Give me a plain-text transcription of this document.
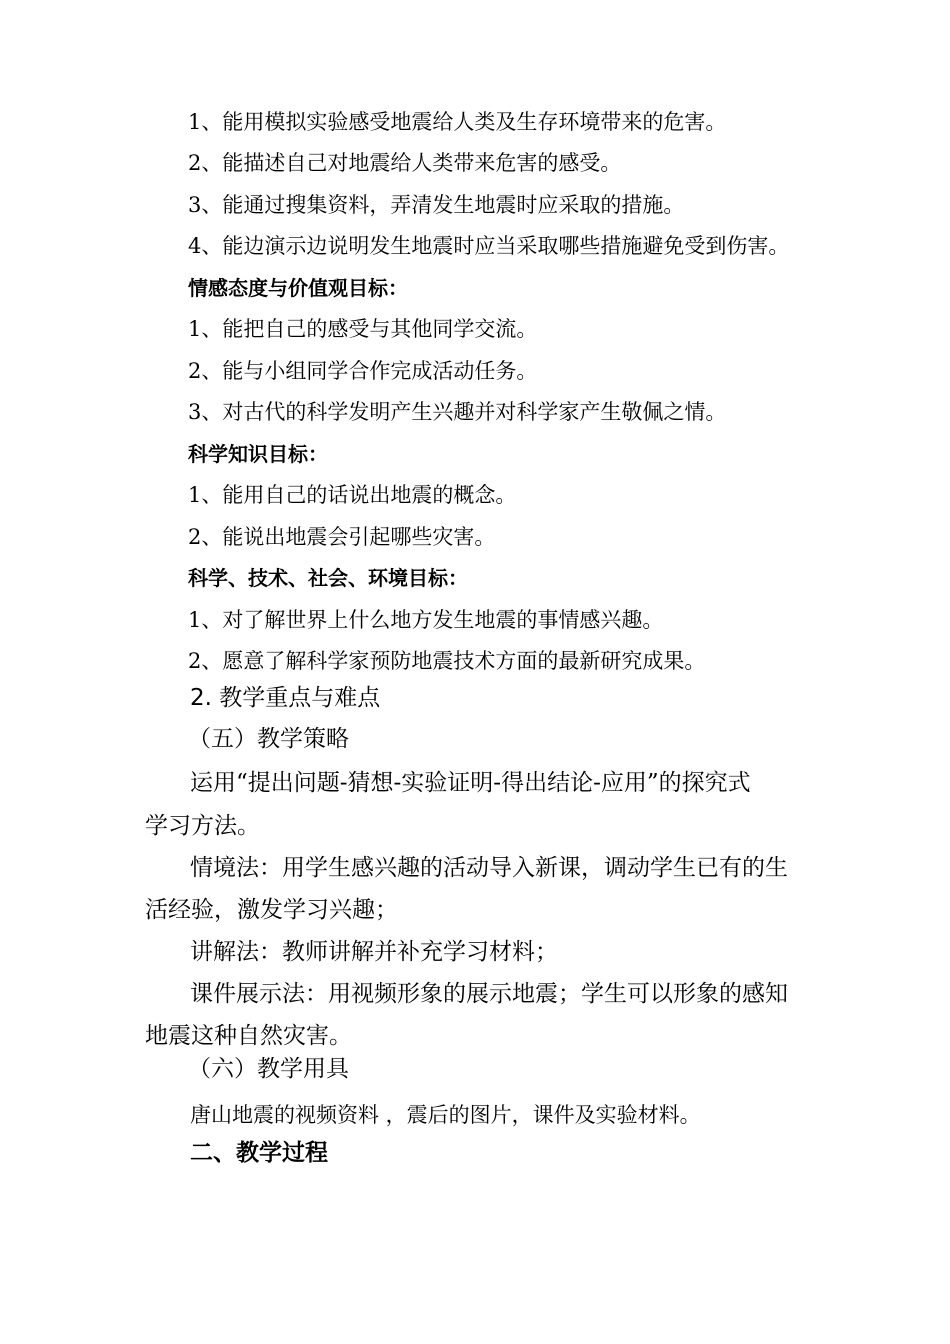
1、能用模拟实验感受地震给人类及生存环境带来的危害。
2、能描述自己对地震给人类带来危害的感受。
3、能通过搜集资料，弄清发生地震时应采取的措施。
4、能边演示边说明发生地震时应当采取哪些措施避免受到伤害。
情感态度与价值观目标：
1、能把自己的感受与其他同学交流。
2、能与小组同学合作完成活动任务。
3、对古代的科学发明产生兴趣并对科学家产生敬佩之情。
科学知识目标：
1、能用自己的话说出地震的概念。
2、能说出地震会引起哪些灾害。
科学、技术、社会、环境目标：
1、对了解世界上什么地方发生地震的事情感兴趣。
2、愿意了解科学家预防地震技术方面的最新研究成果。
2. 教学重点与难点
（五）教学策略
运用“提出问题-猜想-实验证明-得出结论-应用”的探究式
学习方法。
情境法：用学生感兴趣的活动导入新课，调动学生已有的生
活经验，激发学习兴趣；
讲解法：教师讲解并补充学习材料；
课件展示法：用视频形象的展示地震；学生可以形象的感知
地震这种自然灾害。
（六）教学用具
唐山地震的视频资料 ，震后的图片，课件及实验材料。
二、教学过程
